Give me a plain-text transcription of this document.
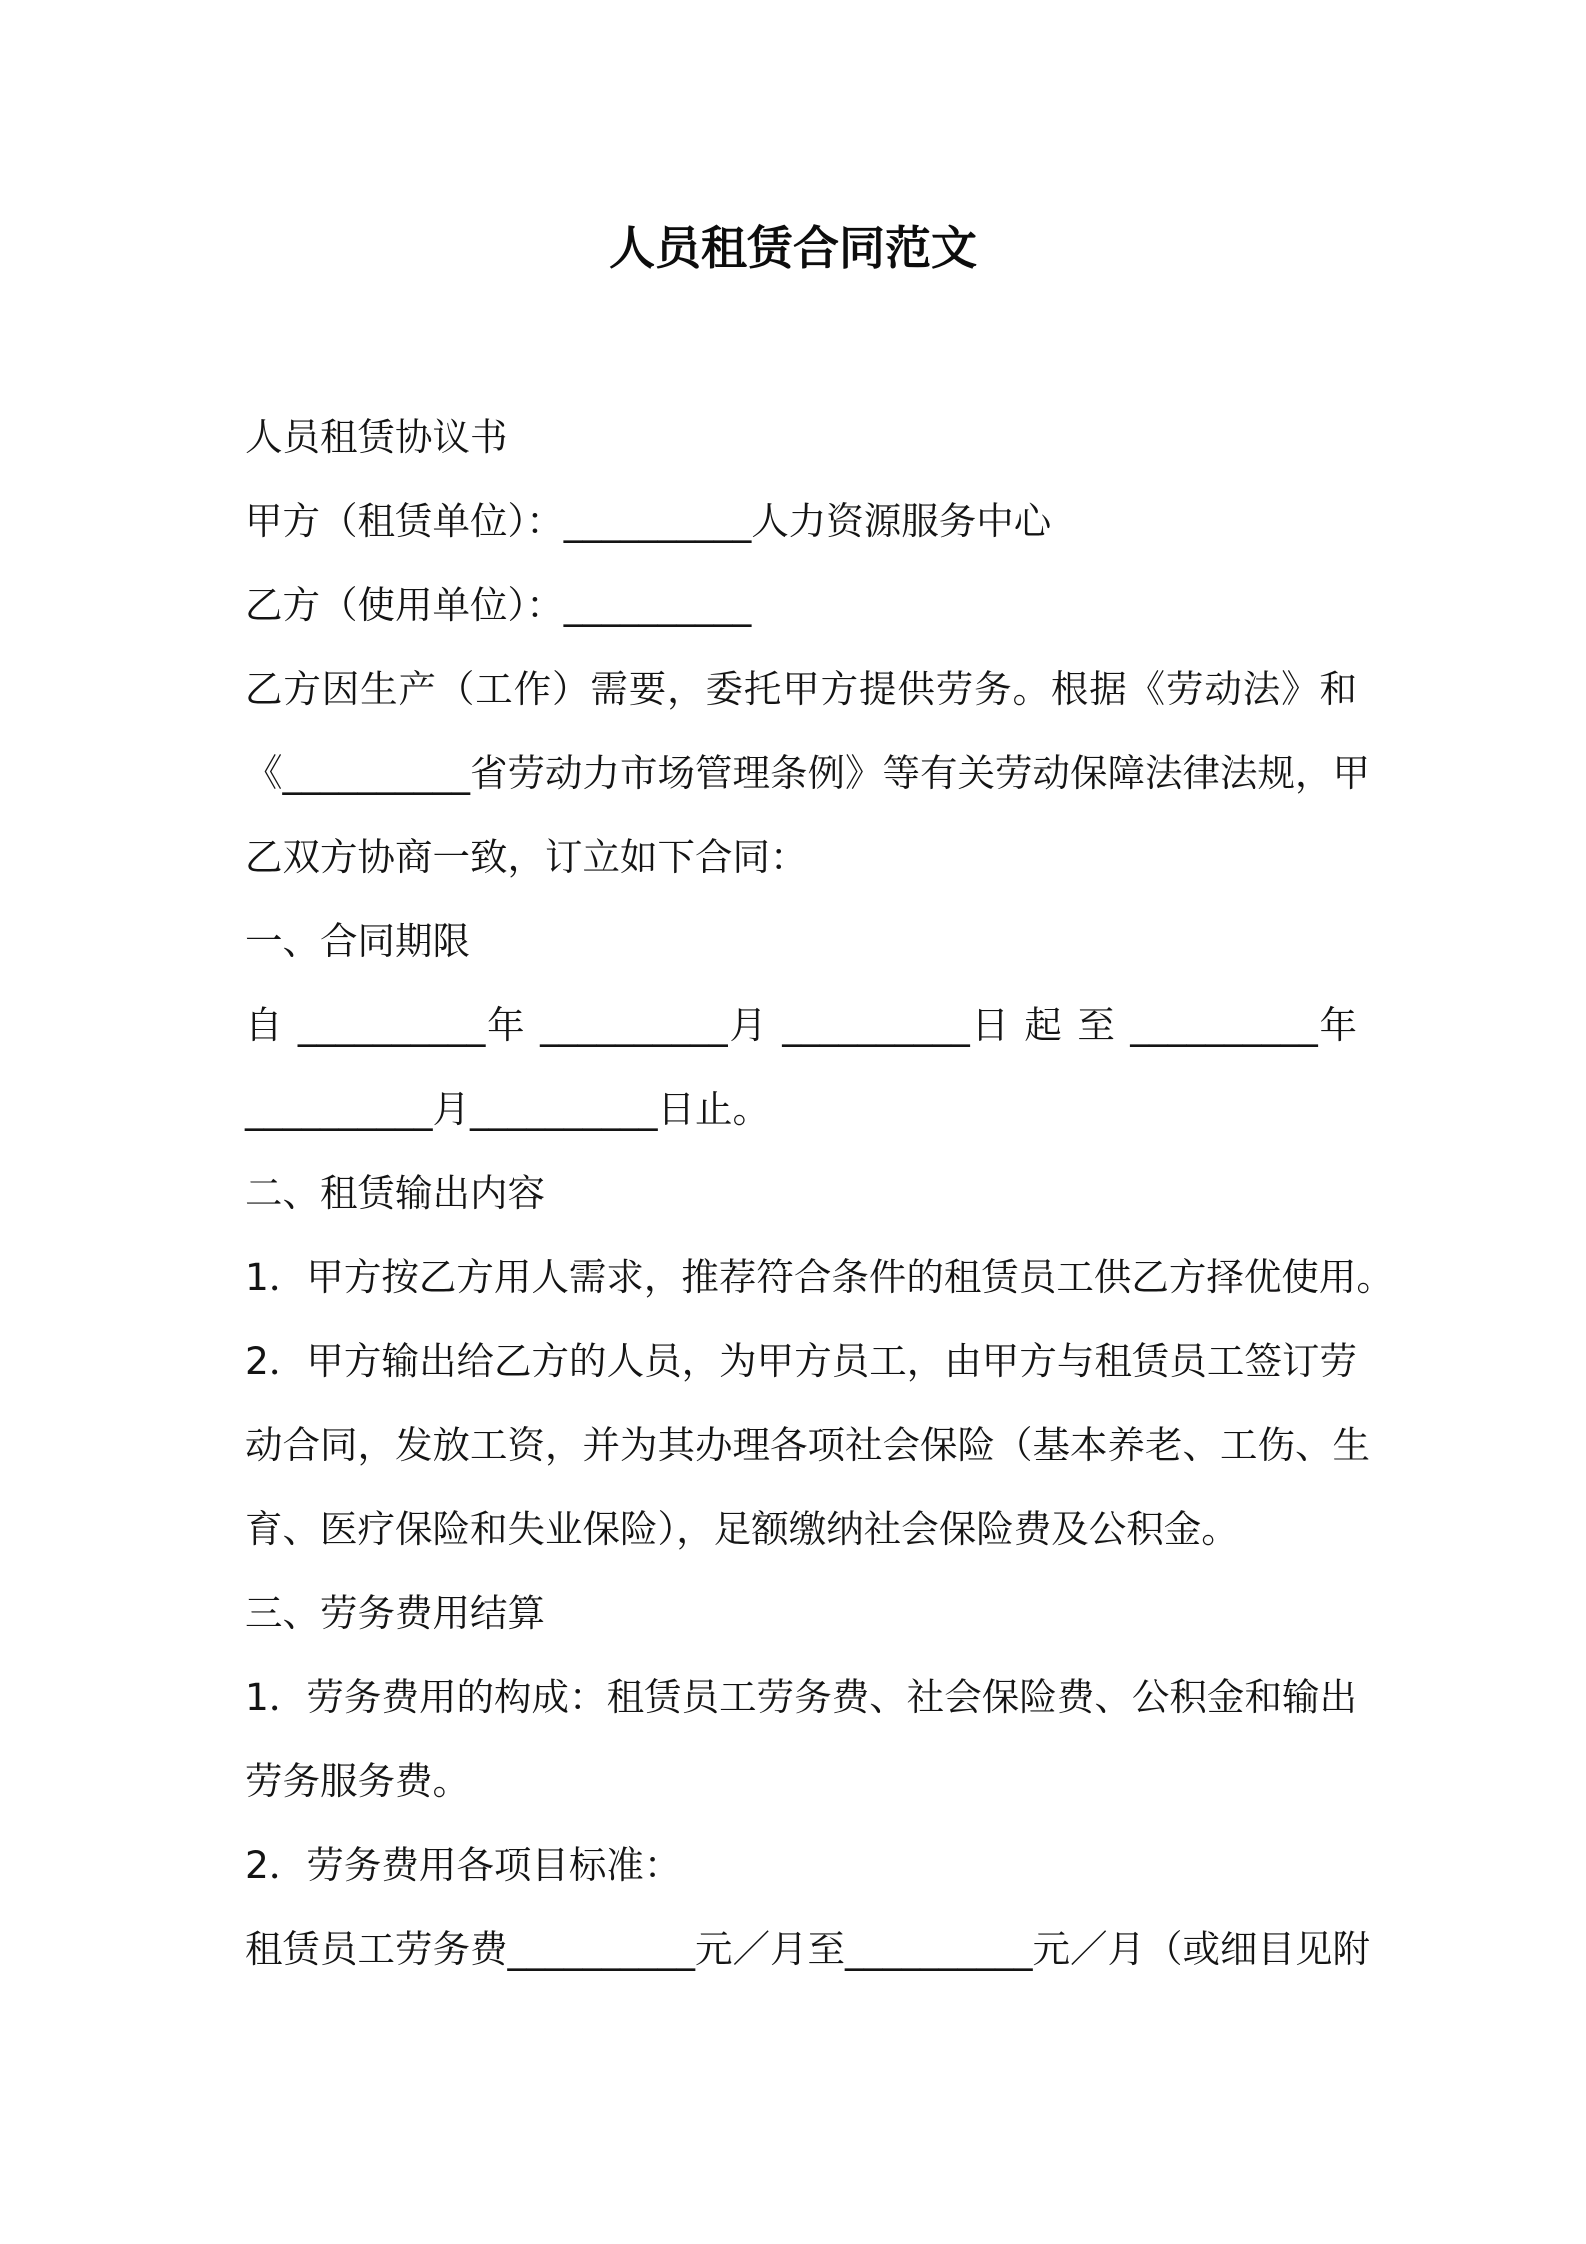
人员租赁合同范文
人员租赁协议书
甲方（租赁单位）：__________人力资源服务中心
乙方（使用单位）：__________
乙方因生产（工作）需要，委托甲方提供劳务。根据《劳动法》和
《__________省劳动力市场管理条例》等有关劳动保障法律法规，甲
乙双方协商一致，订立如下合同：
一、合同期限
自 __________年 __________月 __________日 起 至 __________年
__________月__________日止。
二、租赁输出内容
1．甲方按乙方用人需求，推荐符合条件的租赁员工供乙方择优使用。
2．甲方输出给乙方的人员，为甲方员工，由甲方与租赁员工签订劳
动合同，发放工资，并为其办理各项社会保险（基本养老、工伤、生
育、医疗保险和失业保险），足额缴纳社会保险费及公积金。
三、劳务费用结算
1．劳务费用的构成：租赁员工劳务费、社会保险费、公积金和输出
劳务服务费。
2．劳务费用各项目标准：
租赁员工劳务费__________元／月至__________元／月（或细目见附
